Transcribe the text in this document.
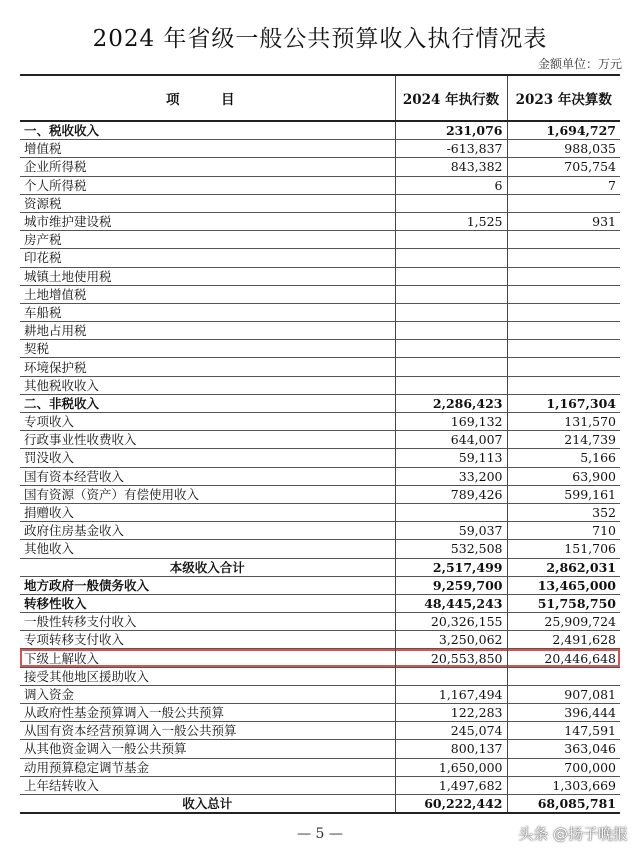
2024 年省级一般公共预算收入执行情况表
金额单位：万元
项　目	2024 年执行数	2023 年决算数
一、税收收入	231,076	1,694,727
增值税	-613,837	988,035
企业所得税	843,382	705,754
个人所得税	6	7
资源税		
城市维护建设税	1,525	931
房产税		
印花税		
城镇土地使用税		
土地增值税		
车船税		
耕地占用税		
契税		
环境保护税		
其他税收收入		
二、非税收入	2,286,423	1,167,304
专项收入	169,132	131,570
行政事业性收费收入	644,007	214,739
罚没收入	59,113	5,166
国有资本经营收入	33,200	63,900
国有资源（资产）有偿使用收入	789,426	599,161
捐赠收入		352
政府住房基金收入	59,037	710
其他收入	532,508	151,706
本级收入合计	2,517,499	2,862,031
地方政府一般债务收入	9,259,700	13,465,000
转移性收入	48,445,243	51,758,750
一般性转移支付收入	20,326,155	25,909,724
专项转移支付收入	3,250,062	2,491,628
下级上解收入	20,553,850	20,446,648
接受其他地区援助收入		
调入资金	1,167,494	907,081
从政府性基金预算调入一般公共预算	122,283	396,444
从国有资本经营预算调入一般公共预算	245,074	147,591
从其他资金调入一般公共预算	800,137	363,046
动用预算稳定调节基金	1,650,000	700,000
上年结转收入	1,497,682	1,303,669
收入总计	60,222,442	68,085,781
— 5 —	头条 @扬子晚报
